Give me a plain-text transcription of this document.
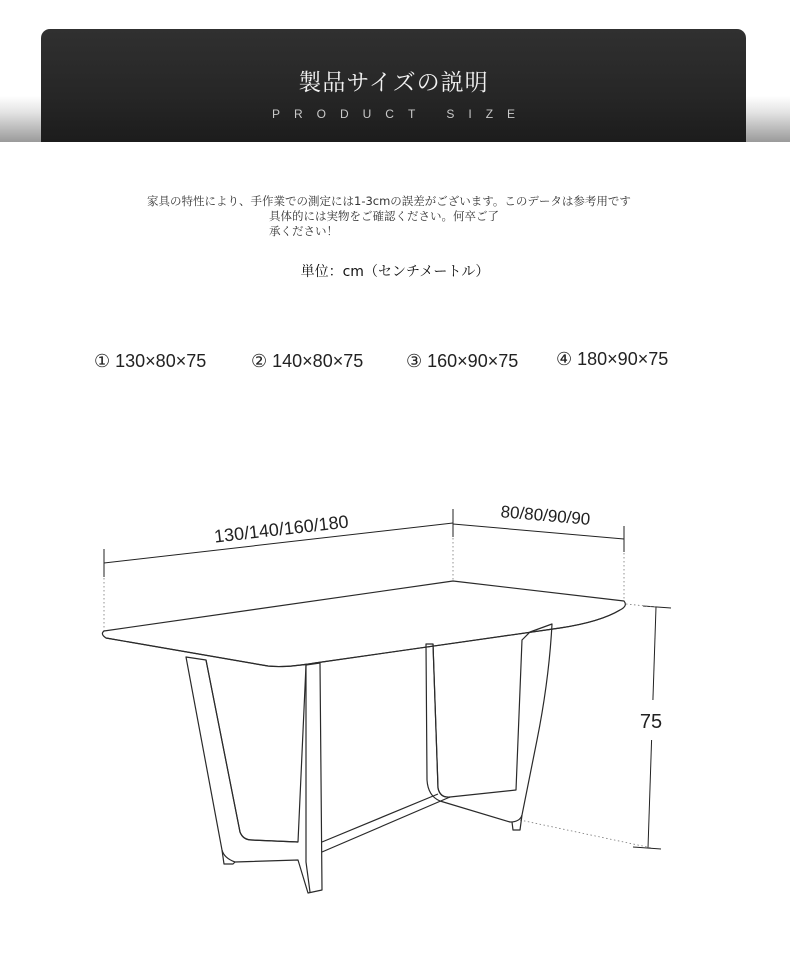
製品サイズの説明
PRODUCT SIZE
家具の特性により、手作業での測定には1-3cmの誤差がございます。このデータは参考用です
具体的には実物をご確認ください。何卒ご了
承ください！
単位：cm（センチメートル）
① 130×80×75 ② 140×80×75 ③ 160×90×75 ④ 180×90×75
130/140/160/180	80/80/90/90
75
